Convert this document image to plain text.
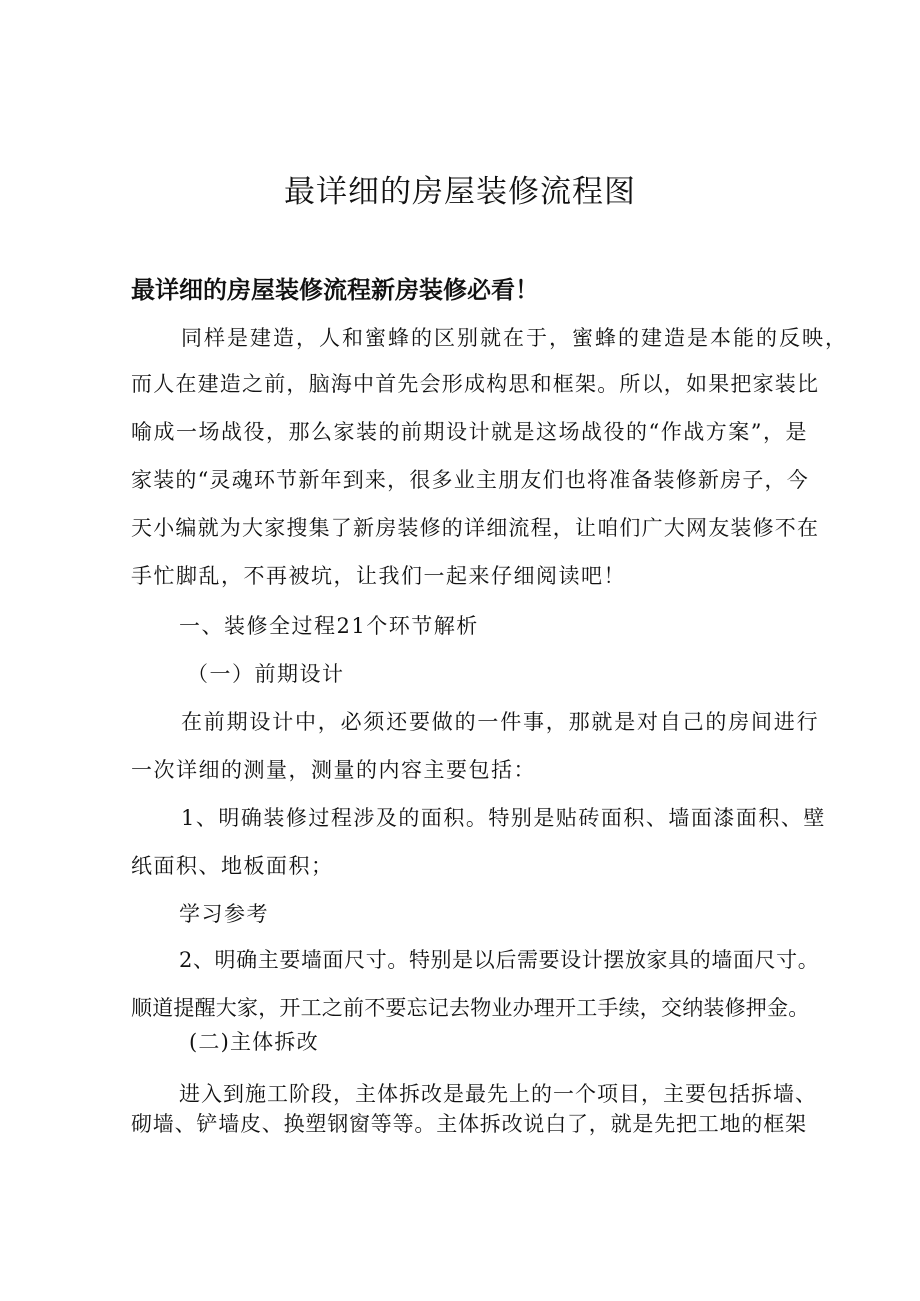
最详细的房屋装修流程图
最详细的房屋装修流程新房装修必看！

同样是建造，人和蜜蜂的区别就在于，蜜蜂的建造是本能的反映，

而人在建造之前，脑海中首先会形成构思和框架。所以，如果把家装比

喻成一场战役，那么家装的前期设计就是这场战役的“作战方案”，是

家装的“灵魂环节新年到来，很多业主朋友们也将准备装修新房子，今

天小编就为大家搜集了新房装修的详细流程，让咱们广大网友装修不在

手忙脚乱，不再被坑，让我们一起来仔细阅读吧！

一、装修全过程21个环节解析

（一）前期设计

在前期设计中，必须还要做的一件事，那就是对自己的房间进行

一次详细的测量，测量的内容主要包括：

1、明确装修过程涉及的面积。特别是贴砖面积、墙面漆面积、壁

纸面积、地板面积；

学习参考

2、明确主要墙面尺寸。特别是以后需要设计摆放家具的墙面尺寸。

顺道提醒大家，开工之前不要忘记去物业办理开工手续，交纳装修押金。

(二)主体拆改

进入到施工阶段，主体拆改是最先上的一个项目，主要包括拆墙、

砌墙、铲墙皮、换塑钢窗等等。主体拆改说白了，就是先把工地的框架
